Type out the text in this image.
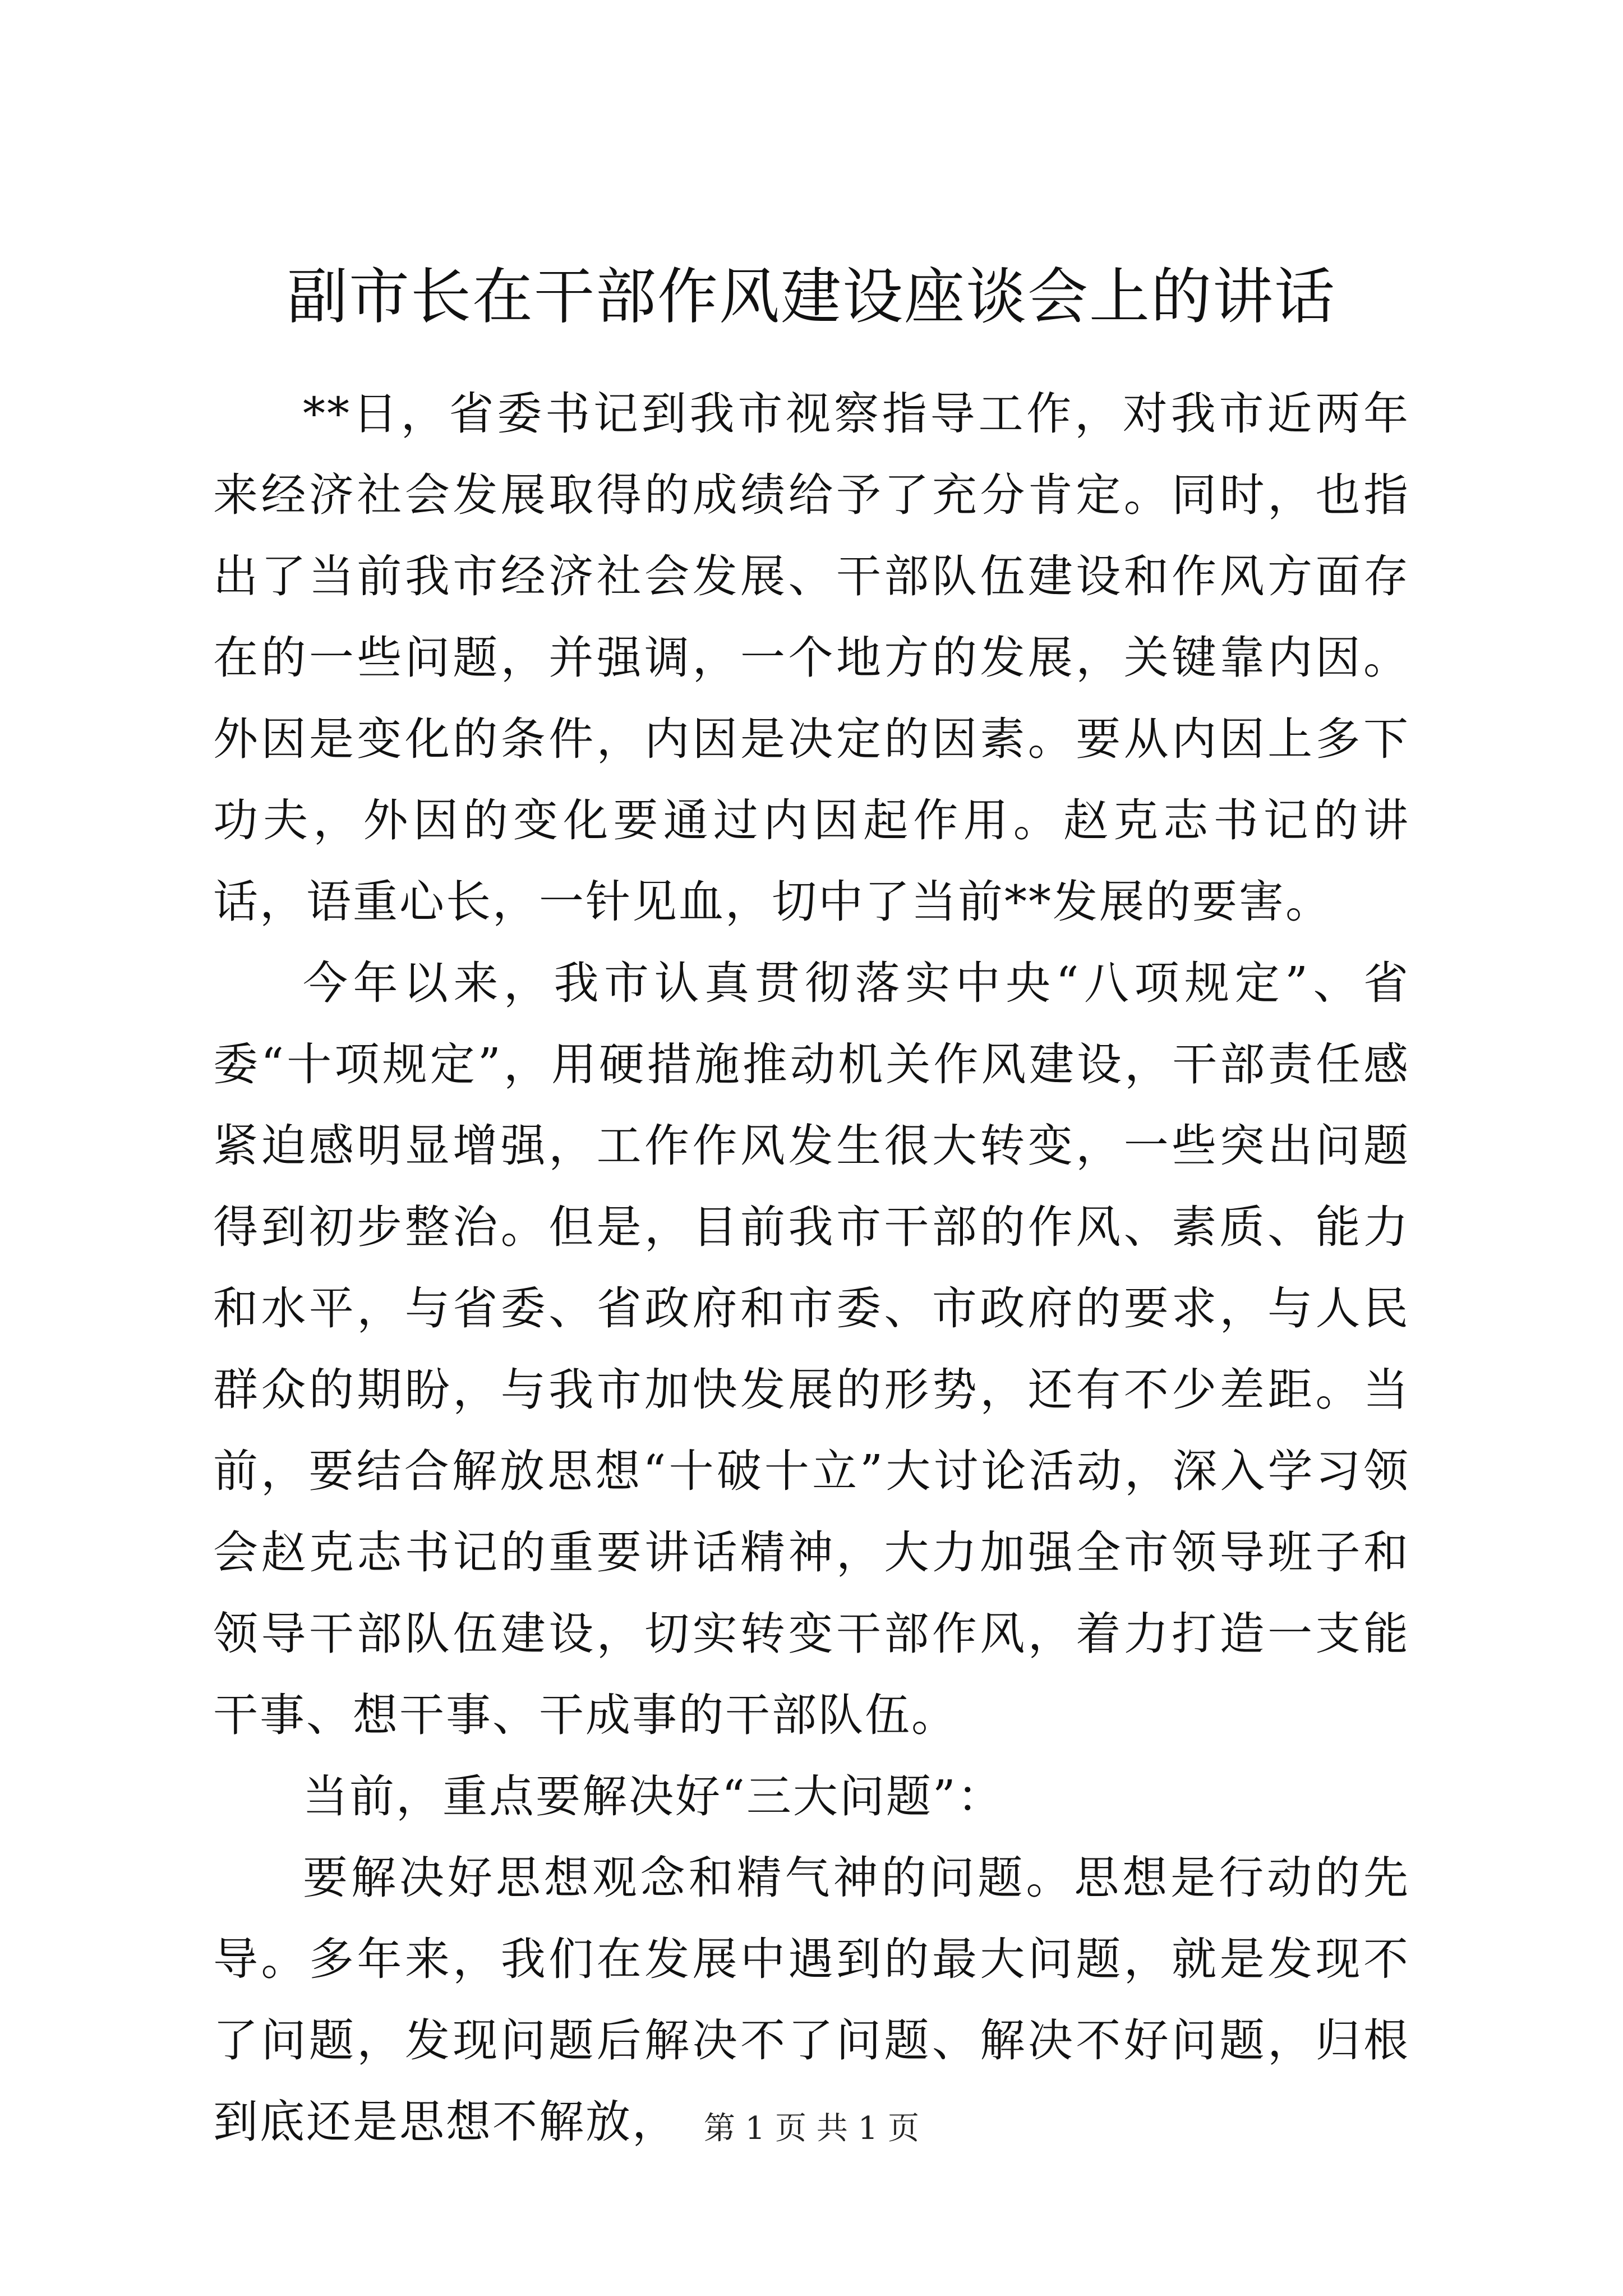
副市长在干部作风建设座谈会上的讲话

**日，省委书记到我市视察指导工作，对我市近两年来经济社会发展取得的成绩给予了充分肯定。同时，也指出了当前我市经济社会发展、干部队伍建设和作风方面存在的一些问题，并强调，一个地方的发展，关键靠内因。外因是变化的条件，内因是决定的因素。要从内因上多下功夫，外因的变化要通过内因起作用。赵克志书记的讲话，语重心长，一针见血，切中了当前**发展的要害。

今年以来，我市认真贯彻落实中央“八项规定”、省委“十项规定”，用硬措施推动机关作风建设，干部责任感紧迫感明显增强，工作作风发生很大转变，一些突出问题得到初步整治。但是，目前我市干部的作风、素质、能力和水平，与省委、省政府和市委、市政府的要求，与人民群众的期盼，与我市加快发展的形势，还有不少差距。当前，要结合解放思想“十破十立”大讨论活动，深入学习领会赵克志书记的重要讲话精神，大力加强全市领导班子和领导干部队伍建设，切实转变干部作风，着力打造一支能干事、想干事、干成事的干部队伍。

当前，重点要解决好“三大问题”：

要解决好思想观念和精气神的问题。思想是行动的先导。多年来，我们在发展中遇到的最大问题，就是发现不了问题，发现问题后解决不了问题、解决不好问题，归根到底还是思想不解放， 第 1 页 共 1 页
